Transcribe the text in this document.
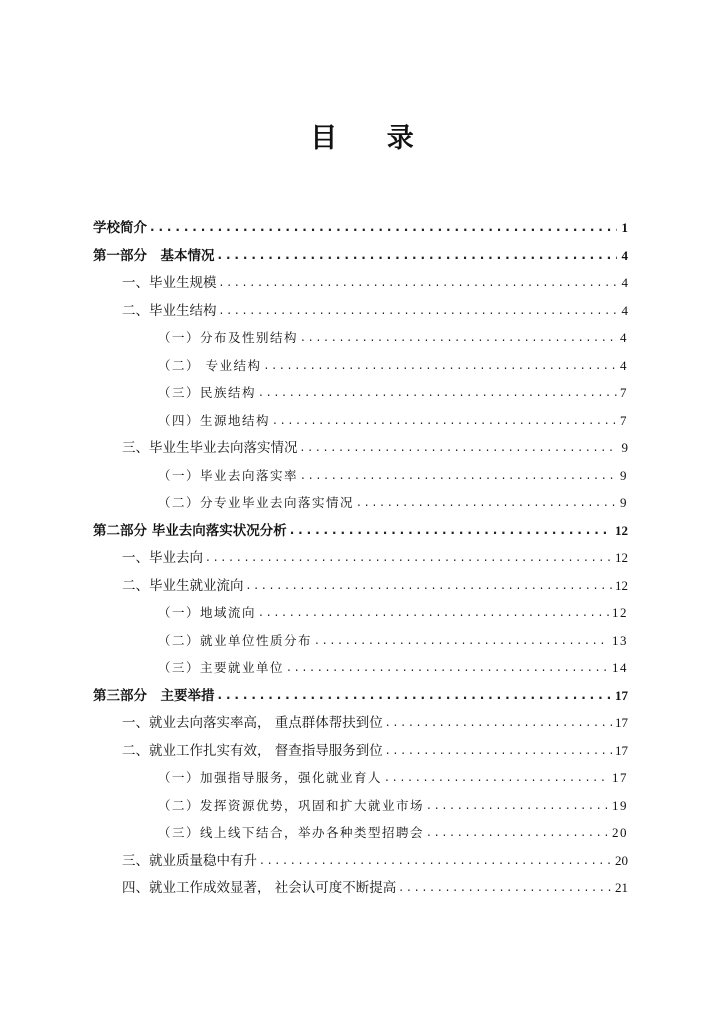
目 录
学校简介 .....	1
第一部分　基本情况 .....	4
一、毕业生规模 .....	4
二、毕业生结构 .....	4
（一）分布及性别结构 .....	4
（二） 专业结构 .....	4
（三）民族结构 .....	7
（四）生源地结构 .....	7
三、毕业生毕业去向落实情况 .....	9
（一）毕业去向落实率 .....	9
（二）分专业毕业去向落实情况 .....	9
第二部分 毕业去向落实状况分析 .....	12
一、毕业去向 .....	12
二、毕业生就业流向 .....	12
（一）地域流向 .....	12
（二）就业单位性质分布 .....	13
（三）主要就业单位 .....	14
第三部分　主要举措 .....	17
一、就业去向落实率高， 重点群体帮扶到位 .....	17
二、就业工作扎实有效， 督查指导服务到位 .....	17
（一）加强指导服务，强化就业育人 .....	17
（二）发挥资源优势，巩固和扩大就业市场 .....	19
（三）线上线下结合，举办各种类型招聘会 .....	20
三、就业质量稳中有升 .....	20
四、就业工作成效显著， 社会认可度不断提高 .....	21
